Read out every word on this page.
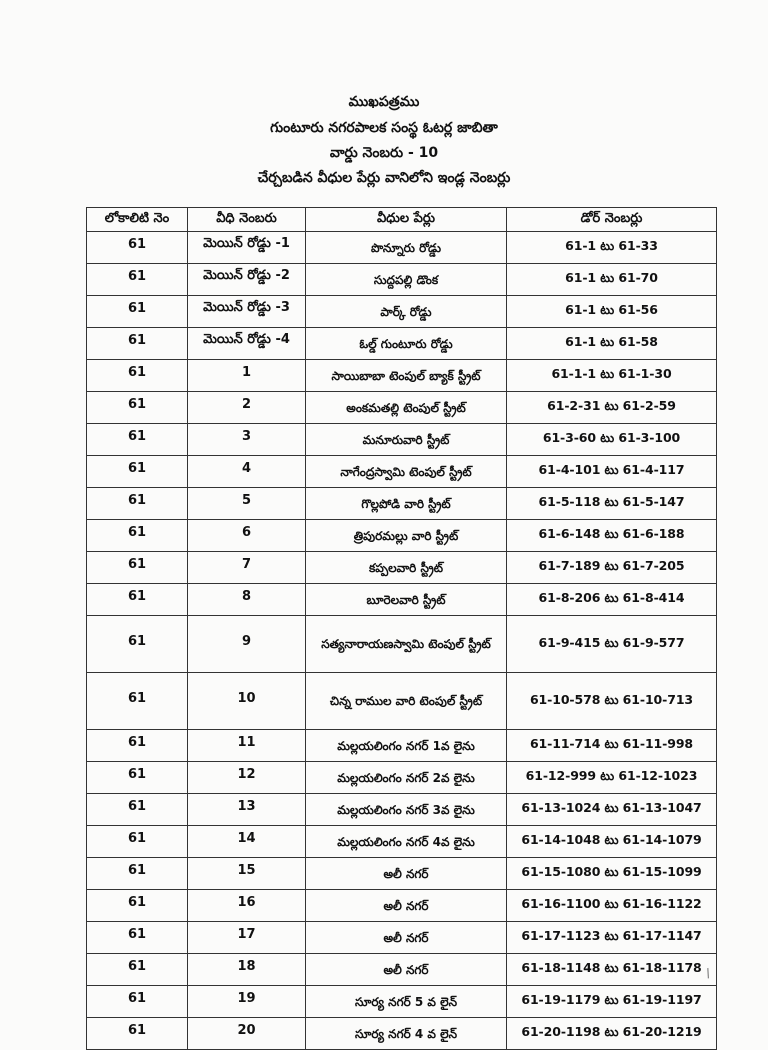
ముఖపత్రము
గుంటూరు నగరపాలక సంస్థ ఓటర్ల జాబితా
వార్డు నెంబరు - 10
చేర్చబడిన వీధుల పేర్లు వానిలోని ఇండ్ల నెంబర్లు
లోకాలిటి నెం	వీధి నెంబరు	వీధుల పేర్లు	డోర్ నెంబర్లు
61	మెయిన్ రోడ్డు -1	పొన్నూరు రోడ్డు	61-1 టు 61-33
61	మెయిన్ రోడ్డు -2	సుద్దపల్లి డొంక	61-1 టు 61-70
61	మెయిన్ రోడ్డు -3	పార్క్ రోడ్డు	61-1 టు 61-56
61	మెయిన్ రోడ్డు -4	ఓల్డ్ గుంటూరు రోడ్డు	61-1 టు 61-58
61	1	సాయిబాబా టెంపుల్ బ్యాక్ స్ట్రీట్	61-1-1 టు 61-1-30
61	2	అంకమతల్లి టెంపుల్ స్ట్రీట్	61-2-31 టు 61-2-59
61	3	మనూరువారి స్ట్రీట్	61-3-60 టు 61-3-100
61	4	నాగేంద్రస్వామి టెంపుల్ స్ట్రీట్	61-4-101 టు 61-4-117
61	5	గొల్లపోడి వారి స్ట్రీట్	61-5-118 టు 61-5-147
61	6	త్రిపురమల్లు వారి స్ట్రీట్	61-6-148 టు 61-6-188
61	7	కప్పలవారి స్ట్రీట్	61-7-189 టు 61-7-205
61	8	బూరెలవారి స్ట్రీట్	61-8-206 టు 61-8-414
61	9	సత్యనారాయణస్వామి టెంపుల్ స్ట్రీట్	61-9-415 టు 61-9-577
61	10	చిన్న రాముల వారి టెంపుల్ స్ట్రీట్	61-10-578 టు 61-10-713
61	11	మల్లయలింగం నగర్ 1వ లైను	61-11-714 టు 61-11-998
61	12	మల్లయలింగం నగర్ 2వ లైను	61-12-999 టు 61-12-1023
61	13	మల్లయలింగం నగర్ 3వ లైను	61-13-1024 టు 61-13-1047
61	14	మల్లయలింగం నగర్ 4వ లైను	61-14-1048 టు 61-14-1079
61	15	అలీ నగర్	61-15-1080 టు 61-15-1099
61	16	అలీ నగర్	61-16-1100 టు 61-16-1122
61	17	అలీ నగర్	61-17-1123 టు 61-17-1147
61	18	అలీ నగర్	61-18-1148 టు 61-18-1178
61	19	సూర్య నగర్ 5 వ లైన్	61-19-1179 టు 61-19-1197
61	20	సూర్య నగర్ 4 వ లైన్	61-20-1198 టు 61-20-1219
/
